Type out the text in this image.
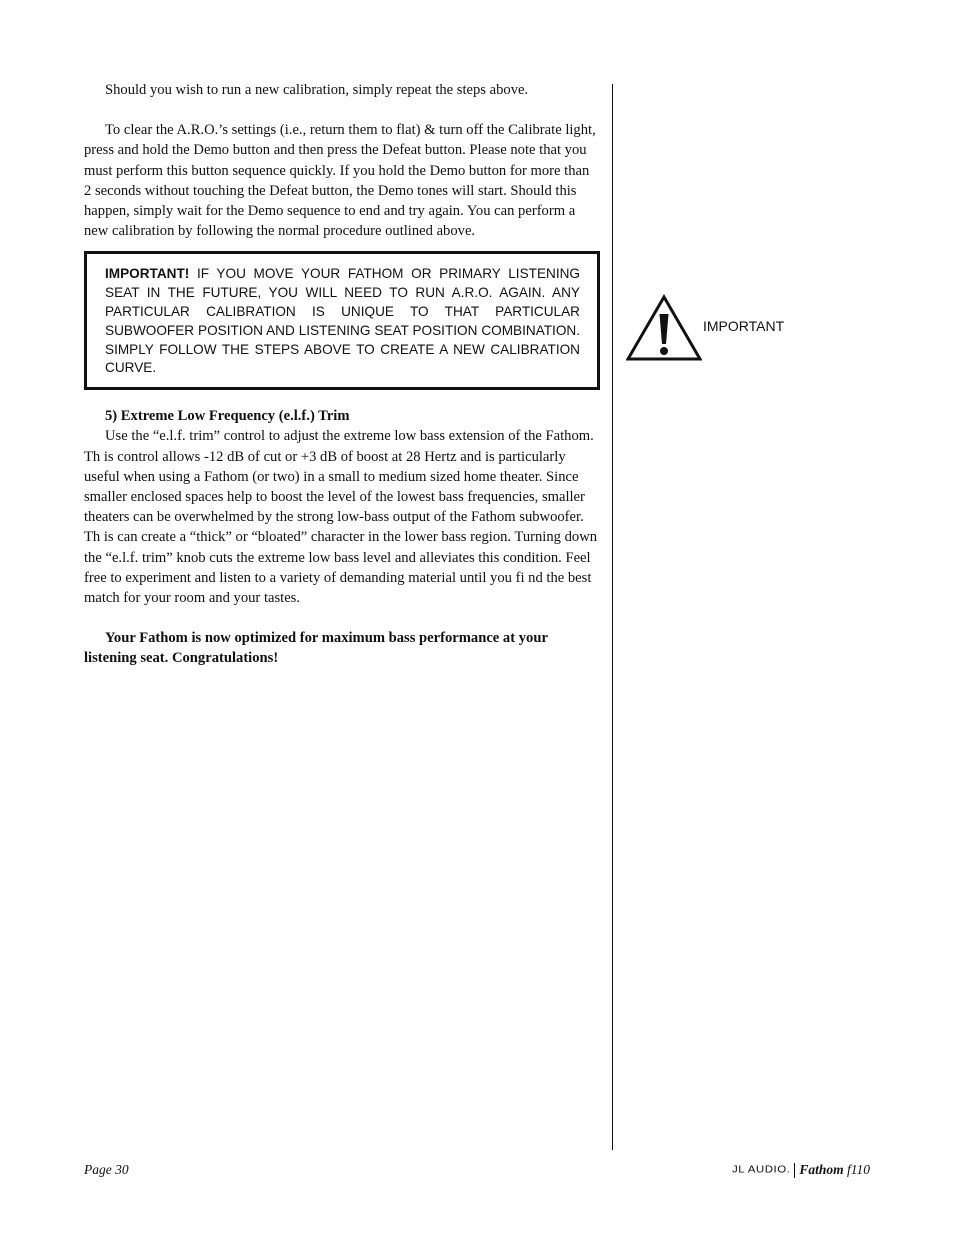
Should you wish to run a new calibration, simply repeat the steps above.

To clear the A.R.O.’s settings (i.e., return them to flat) & turn off the Calibrate light, press and hold the Demo button and then press the Defeat button. Please note that you must perform this button sequence quickly. If you hold the Demo button for more than 2 seconds without touching the Defeat button, the Demo tones will start. Should this happen, simply wait for the Demo sequence to end and try again. You can perform a new calibration by following the normal procedure outlined above.

IMPORTANT! IF YOU MOVE YOUR FATHOM OR PRIMARY LISTENING SEAT IN THE FUTURE, YOU WILL NEED TO RUN A.R.O. AGAIN. ANY PARTICULAR CALIBRATION IS UNIQUE TO THAT PARTICULAR SUBWOOFER POSITION AND LISTENING SEAT POSITION COMBINATION. SIMPLY FOLLOW THE STEPS ABOVE TO CREATE A NEW CALIBRATION CURVE.

5) Extreme Low Frequency (e.l.f.) Trim

Use the “e.l.f. trim” control to adjust the extreme low bass extension of the Fathom. Th is control allows -12 dB of cut or +3 dB of boost at 28 Hertz and is particularly useful when using a Fathom (or two) in a small to medium sized home theater. Since smaller enclosed spaces help to boost the level of the lowest bass frequencies, smaller theaters can be overwhelmed by the strong low-bass output of the Fathom subwoofer. Th is can create a “thick” or “bloated” character in the lower bass region. Turning down the “e.l.f. trim” knob cuts the extreme low bass level and alleviates this condition. Feel free to experiment and listen to a variety of demanding material until you fi nd the best match for your room and your tastes.

Your Fathom is now optimized for maximum bass performance at your listening seat. Congratulations!

IMPORTANT
Page 30	JL AUDIO. Fathom f110
